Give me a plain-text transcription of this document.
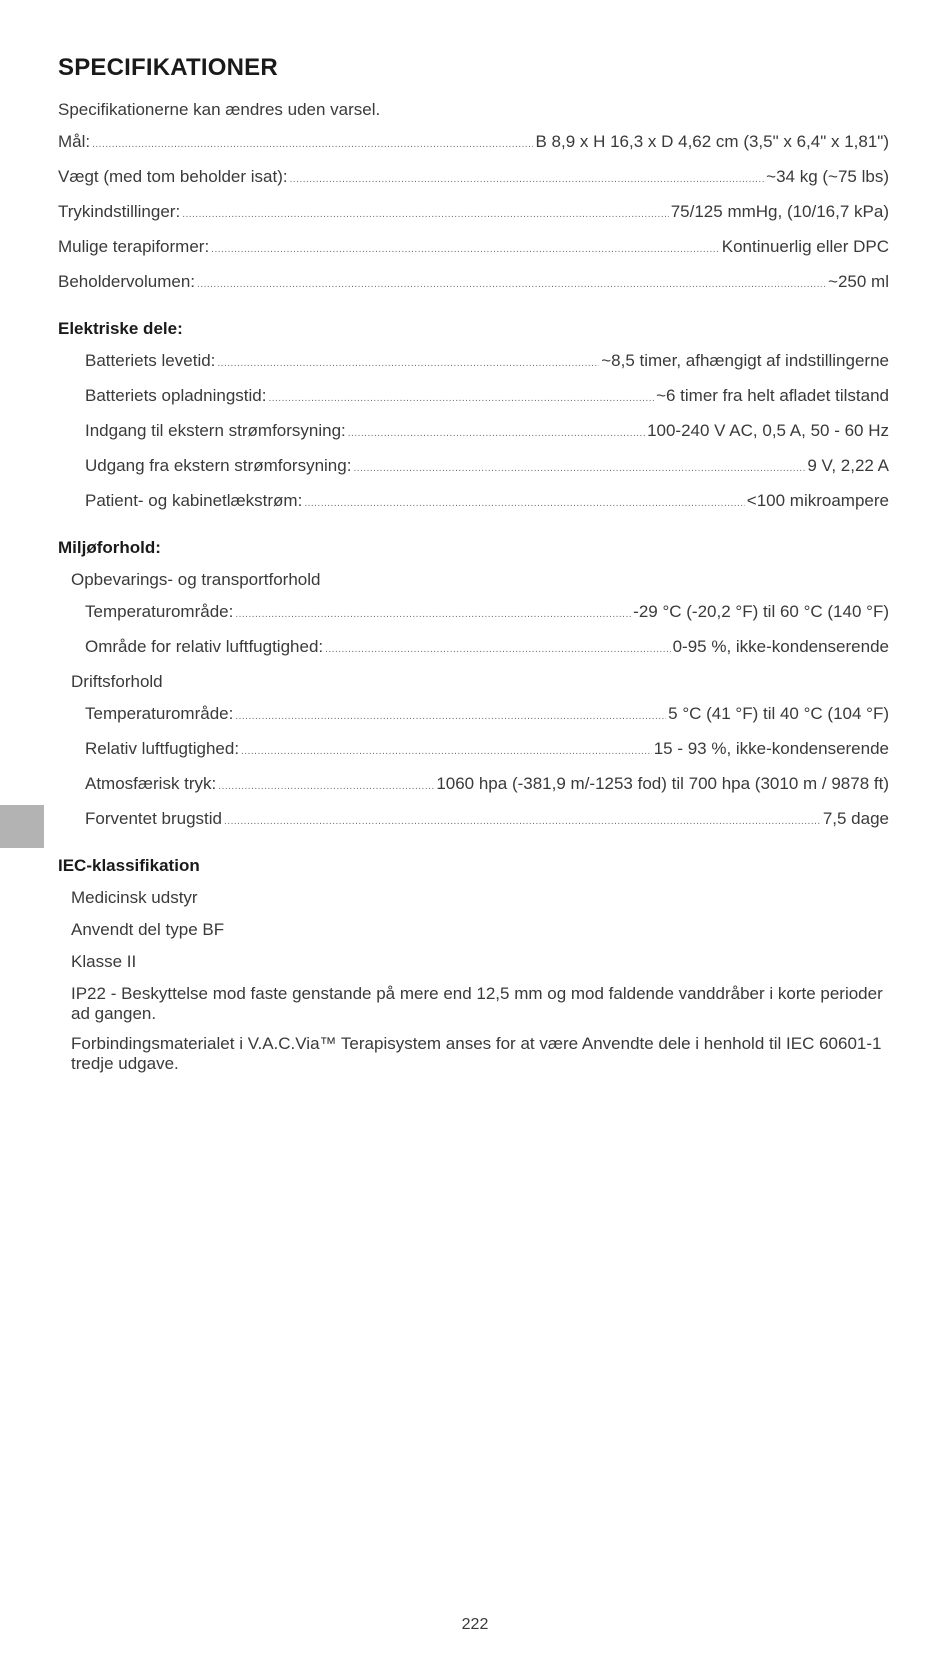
SPECIFIKATIONER
Specifikationerne kan ændres uden varsel.
Mål: .....	B 8,9 x H 16,3 x D 4,62 cm (3,5" x 6,4" x 1,81")
Vægt (med tom beholder isat): .....	~34 kg (~75 lbs)
Trykindstillinger: .....	75/125 mmHg, (10/16,7 kPa)
Mulige terapiformer: .....	Kontinuerlig eller DPC
Beholdervolumen: .....	~250 ml
Elektriske dele:
Batteriets levetid: .....	~8,5 timer, afhængigt af indstillingerne
Batteriets opladningstid: .....	~6 timer fra helt afladet tilstand
Indgang til ekstern strømforsyning: .....	100-240 V AC, 0,5 A, 50 - 60 Hz
Udgang fra ekstern strømforsyning: .....	9 V, 2,22 A
Patient- og kabinetlækstrøm: .....	<100 mikroampere
Miljøforhold:
Opbevarings- og transportforhold
Temperaturområde: .....	-29 °C (-20,2 °F) til 60 °C (140 °F)
Område for relativ luftfugtighed: .....	0-95 %, ikke-kondenserende
Driftsforhold
Temperaturområde: .....	5 °C (41 °F) til 40 °C (104 °F)
Relativ luftfugtighed: .....	15 - 93 %, ikke-kondenserende
Atmosfærisk tryk: .....	1060 hpa (-381,9 m/-1253 fod) til 700 hpa (3010 m / 9878 ft)
Forventet brugstid .....	7,5 dage
IEC-klassifikation
Medicinsk udstyr
Anvendt del type BF
Klasse II

IP22 - Beskyttelse mod faste genstande på mere end 12,5 mm og mod faldende vanddråber i korte perioder ad gangen.

Forbindingsmaterialet i V.A.C.Via™ Terapisystem anses for at være Anvendte dele i henhold til IEC 60601-1 tredje udgave.

222
